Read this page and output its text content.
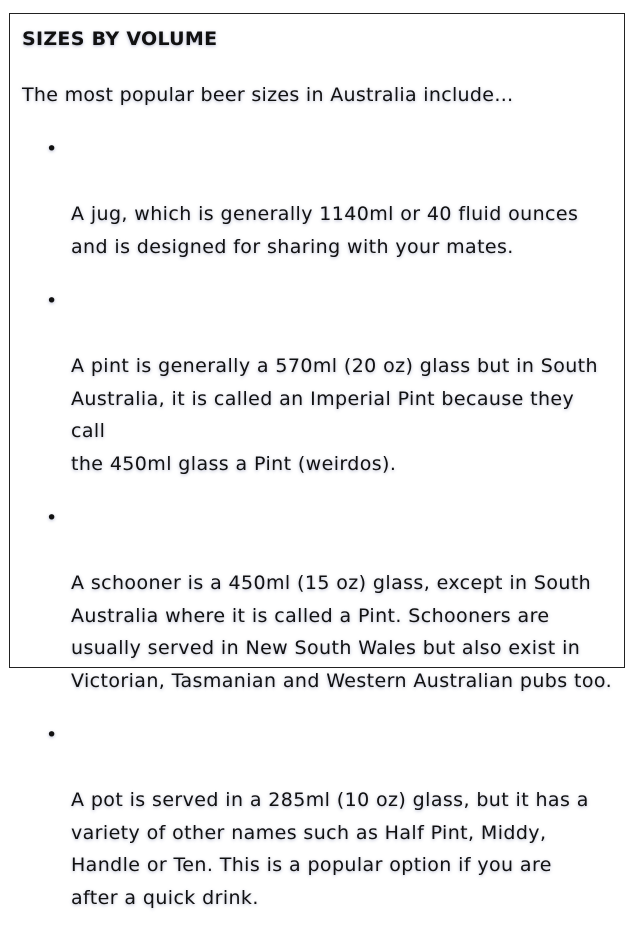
SIZES BY VOLUME

The most popular beer sizes in Australia include…

•

A jug, which is generally 1140ml or 40 fluid ounces
and is designed for sharing with your mates.

•

A pint is generally a 570ml (20 oz) glass but in South
Australia, it is called an Imperial Pint because they call
the 450ml glass a Pint (weirdos).

•

A schooner is a 450ml (15 oz) glass, except in South
Australia where it is called a Pint. Schooners are
usually served in New South Wales but also exist in
Victorian, Tasmanian and Western Australian pubs too.

•

A pot is served in a 285ml (10 oz) glass, but it has a
variety of other names such as Half Pint, Middy,
Handle or Ten. This is a popular option if you are
after a quick drink.
